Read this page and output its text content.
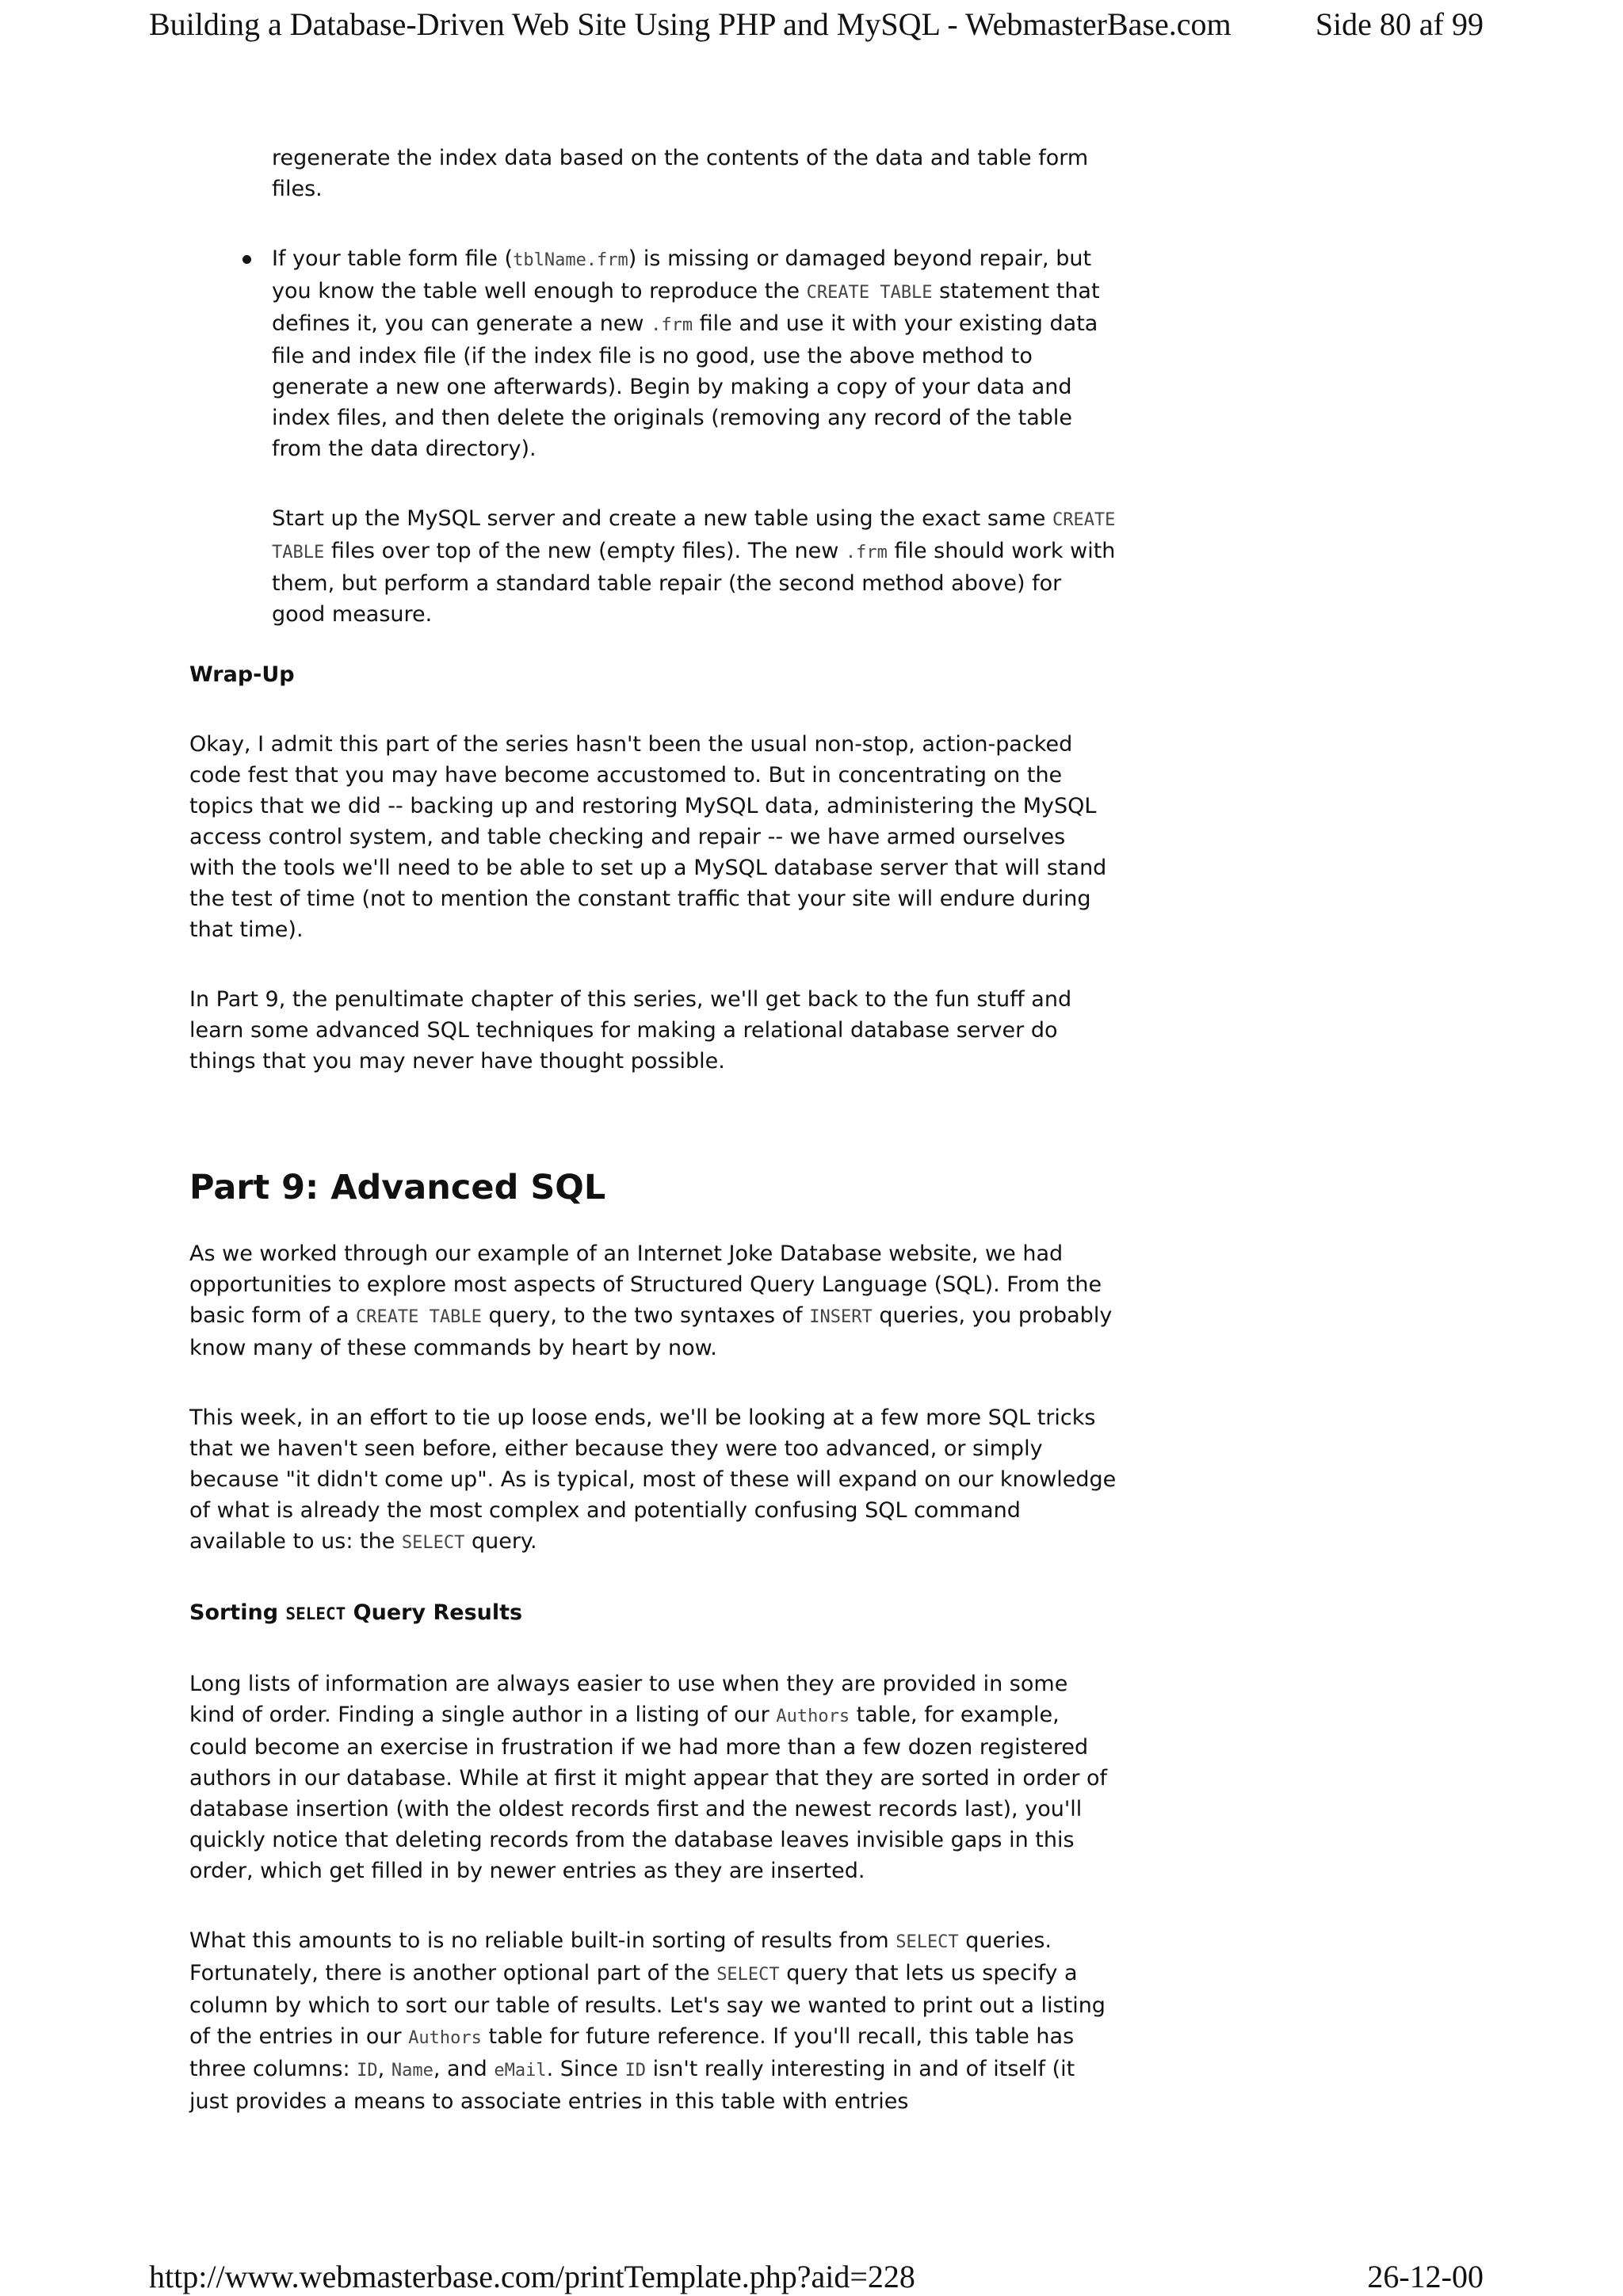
Building a Database-Driven Web Site Using PHP and MySQL - WebmasterBase.com	Side 80 af 99

regenerate the index data based on the contents of the data and table form files.

If your table form file (tblName.frm) is missing or damaged beyond repair, but you know the table well enough to reproduce the CREATE TABLE statement that defines it, you can generate a new .frm file and use it with your existing data file and index file (if the index file is no good, use the above method to generate a new one afterwards). Begin by making a copy of your data and index files, and then delete the originals (removing any record of the table from the data directory).

Start up the MySQL server and create a new table using the exact same CREATE TABLE files over top of the new (empty files). The new .frm file should work with them, but perform a standard table repair (the second method above) for good measure.

Wrap-Up

Okay, I admit this part of the series hasn't been the usual non-stop, action-packed code fest that you may have become accustomed to. But in concentrating on the topics that we did -- backing up and restoring MySQL data, administering the MySQL access control system, and table checking and repair -- we have armed ourselves with the tools we'll need to be able to set up a MySQL database server that will stand the test of time (not to mention the constant traffic that your site will endure during that time).

In Part 9, the penultimate chapter of this series, we'll get back to the fun stuff and learn some advanced SQL techniques for making a relational database server do things that you may never have thought possible.

Part 9: Advanced SQL

As we worked through our example of an Internet Joke Database website, we had opportunities to explore most aspects of Structured Query Language (SQL). From the basic form of a CREATE TABLE query, to the two syntaxes of INSERT queries, you probably know many of these commands by heart by now.

This week, in an effort to tie up loose ends, we'll be looking at a few more SQL tricks that we haven't seen before, either because they were too advanced, or simply because "it didn't come up". As is typical, most of these will expand on our knowledge of what is already the most complex and potentially confusing SQL command available to us: the SELECT query.

Sorting SELECT Query Results

Long lists of information are always easier to use when they are provided in some kind of order. Finding a single author in a listing of our Authors table, for example, could become an exercise in frustration if we had more than a few dozen registered authors in our database. While at first it might appear that they are sorted in order of database insertion (with the oldest records first and the newest records last), you'll quickly notice that deleting records from the database leaves invisible gaps in this order, which get filled in by newer entries as they are inserted.

What this amounts to is no reliable built-in sorting of results from SELECT queries. Fortunately, there is another optional part of the SELECT query that lets us specify a column by which to sort our table of results. Let's say we wanted to print out a listing of the entries in our Authors table for future reference. If you'll recall, this table has three columns: ID, Name, and eMail. Since ID isn't really interesting in and of itself (it just provides a means to associate entries in this table with entries

http://www.webmasterbase.com/printTemplate.php?aid=228	26-12-00
